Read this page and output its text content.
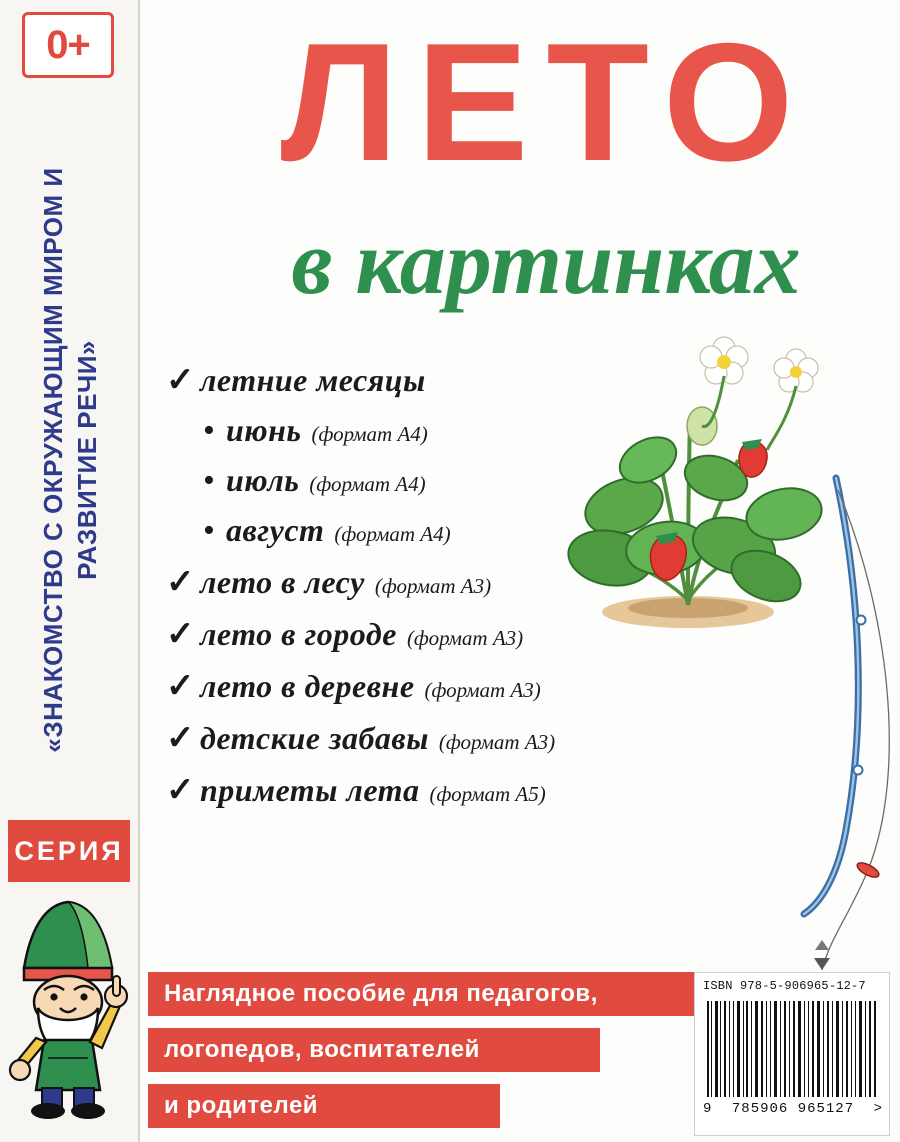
0+
«ЗНАКОМСТВО С ОКРУЖАЮЩИМ МИРОМ И РАЗВИТИЕ РЕЧИ»
СЕРИЯ
ЛЕТО
в картинках
✓ летние месяцы
• июнь (формат А4)
• июль (формат А4)
• август (формат А4)
✓ лето в лесу (формат А3)
✓ лето в городе (формат А3)
✓ лето в деревне (формат А3)
✓ детские забавы (формат А3)
✓ приметы лета (формат А5)
Наглядное пособие для педагогов,
логопедов, воспитателей
и родителей
ISBN 978-5-906965-12-7
9 785906 965127 >
